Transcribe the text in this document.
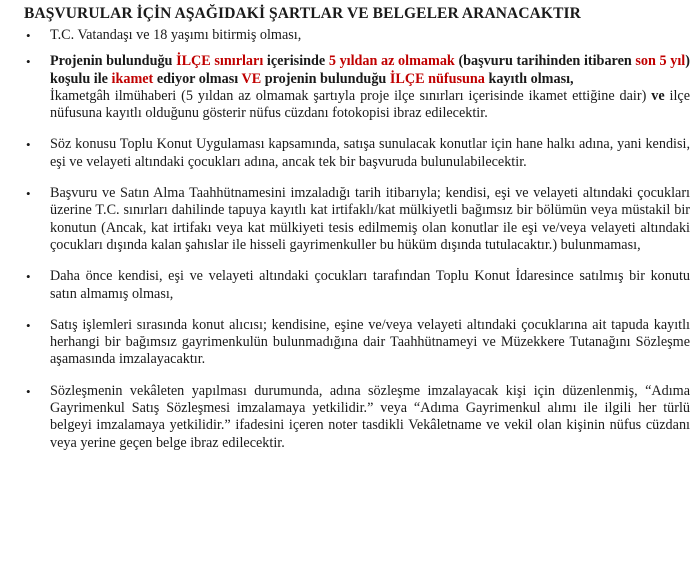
BAŞVURULAR İÇİN AŞAĞIDAKİ ŞARTLAR VE BELGELER ARANACAKTIR
• T.C. Vatandaşı ve 18 yaşımı bitirmiş olması,
• Projenin bulunduğu İLÇE sınırları içerisinde 5 yıldan az olmamak (başvuru tarihinden itibaren son 5 yıl) koşulu ile ikamet ediyor olması VE projenin bulunduğu İLÇE nüfusuna kayıtlı olması,
İkametgâh ilmühaberi (5 yıldan az olmamak şartıyla proje ilçe sınırları içerisinde ikamet ettiğine dair) ve ilçe nüfusuna kayıtlı olduğunu gösterir nüfus cüzdanı fotokopisi ibraz edilecektir.
• Söz konusu Toplu Konut Uygulaması kapsamında, satışa sunulacak konutlar için hane halkı adına, yani kendisi, eşi ve velayeti altındaki çocukları adına, ancak tek bir başvuruda bulunulabilecektir.
• Başvuru ve Satın Alma Taahhütnamesini imzaladığı tarih itibarıyla; kendisi, eşi ve velayeti altındaki çocukları üzerine T.C. sınırları dahilinde tapuya kayıtlı kat irtifaklı/kat mülkiyetli bağımsız bir bölümün veya müstakil bir konutun (Ancak, kat irtifakı veya kat mülkiyeti tesis edilmemiş olan konutlar ile eşi ve/veya velayeti altındaki çocukları dışında kalan şahıslar ile hisseli gayrimenkuller bu hüküm dışında tutulacaktır.) bulunmaması,
• Daha önce kendisi, eşi ve velayeti altındaki çocukları tarafından Toplu Konut İdaresince satılmış bir konutu satın almamış olması,
• Satış işlemleri sırasında konut alıcısı; kendisine, eşine ve/veya velayeti altındaki çocuklarına ait tapuda kayıtlı herhangi bir bağımsız gayrimenkulün bulunmadığına dair Taahhütnameyi ve Müzekkere Tutanağını Sözleşme aşamasında imzalayacaktır.
• Sözleşmenin vekâleten yapılması durumunda, adına sözleşme imzalayacak kişi için düzenlenmiş, “Adıma Gayrimenkul Satış Sözleşmesi imzalamaya yetkilidir.” veya “Adıma Gayrimenkul alımı ile ilgili her türlü belgeyi imzalamaya yetkilidir.” ifadesini içeren noter tasdikli Vekâletname ve vekil olan kişinin nüfus cüzdanı veya yerine geçen belge ibraz edilecektir.
